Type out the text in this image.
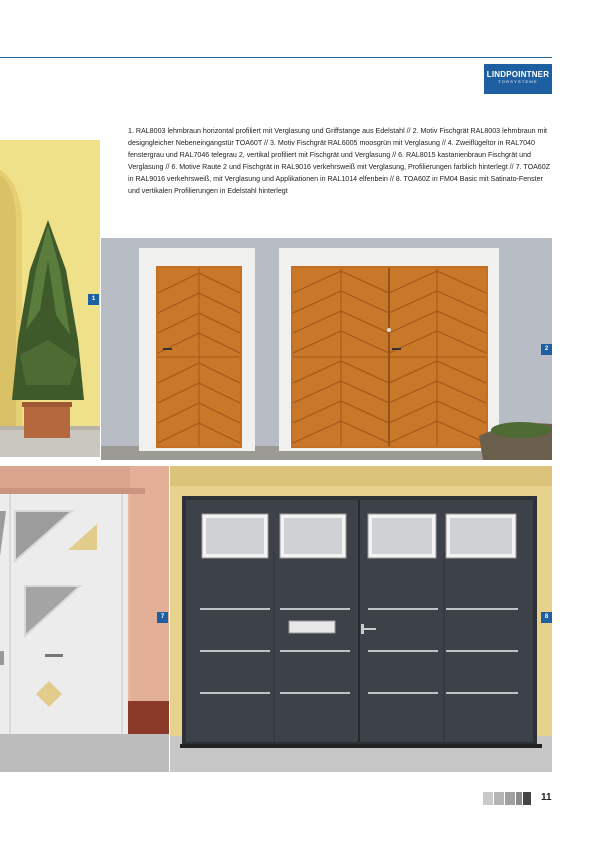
LINDPOINTNER
TORSYSTEME
1. RAL8003 lehmbraun horizontal profiliert mit Verglasung und Griffstange aus Edelstahl // 2. Motiv Fischgrät RAL8003 lehmbraun mit designgleicher Nebeneingangstür TOA60T // 3. Motiv Fischgrät RAL6005 moosgrün mit Verglasung // 4. Zweiflügeltor in RAL7040 fenstergrau und RAL7046 telegrau 2, vertikal profiliert mit Fischgrät und Verglasung // 6. RAL8015 kastanienbraun Fischgrät und Verglasung // 6. Motive Raute 2 und Fischgrät in RAL9016 verkehrsweiß mit Verglasung, Profilierungen farblich hinterlegt // 7. TOA60Z in RAL9016 verkehrsweiß, mit Verglasung und Applikationen in RAL1014 elfenbein // 8. TOA60Z in FM04 Basic mit Satinato-Fenster und vertikalen Profilierungen in Edelstahl hinterlegt
1
2
7	8
11
